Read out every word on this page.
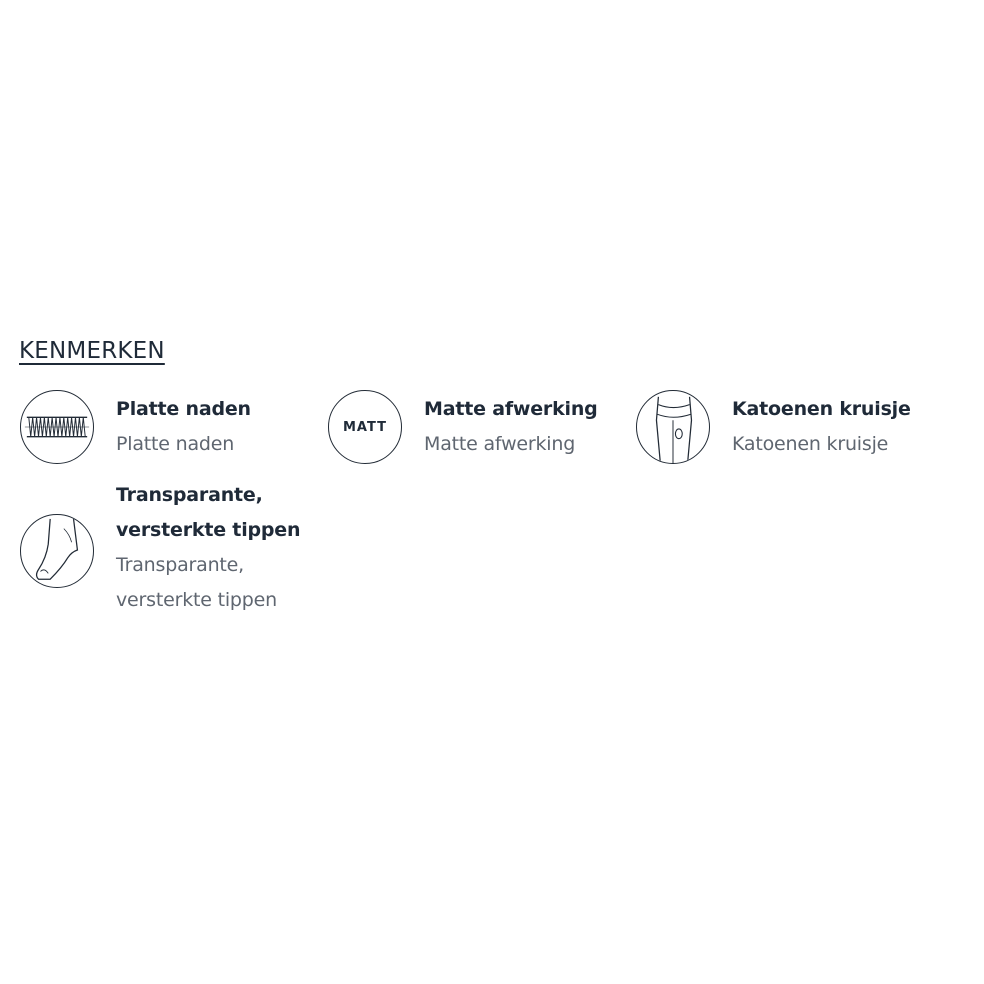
KENMERKEN
Platte naden
Platte naden
MATT
Matte afwerking
Matte afwerking
Katoenen kruisje
Katoenen kruisje
Transparante,
versterkte tippen
Transparante,
versterkte tippen
